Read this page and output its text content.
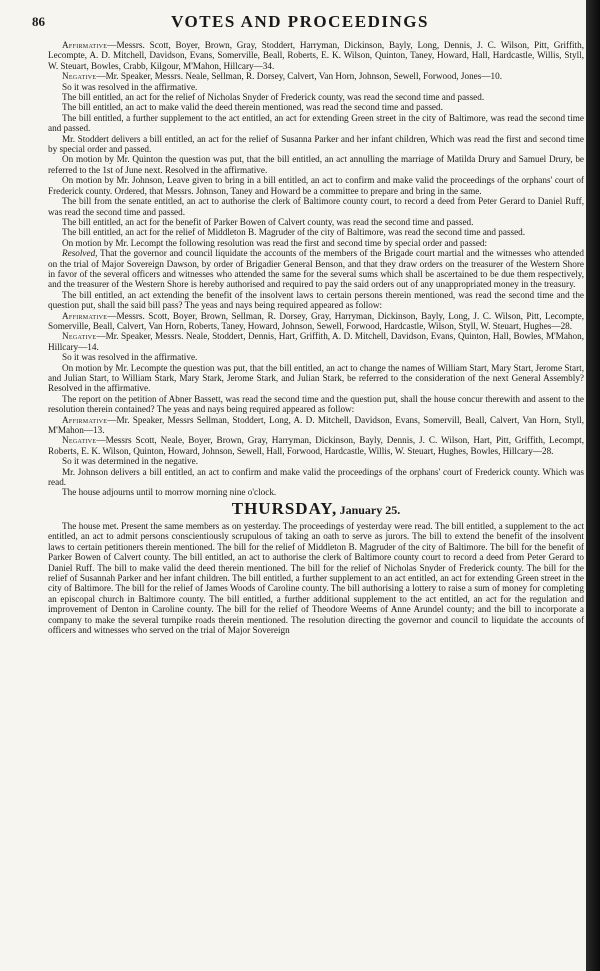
86	VOTES AND PROCEEDINGS

Affirmative—Messrs. Scott, Boyer, Brown, Gray, Stoddert, Harryman, Dickinson, Bayly, Long, Dennis, J. C. Wilson, Pitt, Griffith, Lecompte, A. D. Mitchell, Davidson, Evans, Somerville, Beall, Roberts, E. K. Wilson, Quinton, Taney, Howard, Hall, Hardcastle, Willis, Styll, W. Steuart, Bowles, Crabb, Kilgour, M'Mahon, Hillcary—34.

Negative—Mr. Speaker, Messrs. Neale, Sellman, R. Dorsey, Calvert, Van Horn, Johnson, Sewell, Forwood, Jones—10.

So it was resolved in the affirmative.

The bill entitled, an act for the relief of Nicholas Snyder of Frederick county, was read the second time and passed.

The bill entitled, an act to make valid the deed therein mentioned, was read the second time and passed.

The bill entitled, a further supplement to the act entitled, an act for extending Green street in the city of Baltimore, was read the second time and passed.

Mr. Stoddert delivers a bill entitled, an act for the relief of Susanna Parker and her infant children, Which was read the first and second time by special order and passed.

On motion by Mr. Quinton the question was put, that the bill entitled, an act annulling the marriage of Matilda Drury and Samuel Drury, be referred to the 1st of June next. Resolved in the affirmative.

On motion by Mr. Johnson, Leave given to bring in a bill entitled, an act to confirm and make valid the proceedings of the orphans' court of Frederick county. Ordered, that Messrs. Johnson, Taney and Howard be a committee to prepare and bring in the same.

The bill from the senate entitled, an act to authorise the clerk of Baltimore county court, to record a deed from Peter Gerard to Daniel Ruff, was read the second time and passed.

The bill entitled, an act for the benefit of Parker Bowen of Calvert county, was read the second time and passed.

The bill entitled, an act for the relief of Middleton B. Magruder of the city of Baltimore, was read the second time and passed.

On motion by Mr. Lecompt the following resolution was read the first and second time by special order and passed:

Resolved, That the governor and council liquidate the accounts of the members of the Brigade court martial and the witnesses who attended on the trial of Major Sovereign Dawson, by order of Brigadier General Benson, and that they draw orders on the treasurer of the Western Shore in favor of the several officers and witnesses who attended the same for the several sums which shall be ascertained to be due them respectively, and the treasurer of the Western Shore is hereby authorised and required to pay the said orders out of any unappropriated money in the treasury.

The bill entitled, an act extending the benefit of the insolvent laws to certain persons therein mentioned, was read the second time and the question put, shall the said bill pass? The yeas and nays being required appeared as follow:

Affirmative—Messrs. Scott, Boyer, Brown, Sellman, R. Dorsey, Gray, Harryman, Dickinson, Bayly, Long, J. C. Wilson, Pitt, Lecompte, Somerville, Beall, Calvert, Van Horn, Roberts, Taney, Howard, Johnson, Sewell, Forwood, Hardcastle, Wilson, Styll, W. Steuart, Hughes—28.

Negative—Mr. Speaker, Messrs. Neale, Stoddert, Dennis, Hart, Griffith, A. D. Mitchell, Davidson, Evans, Quinton, Hall, Bowles, M'Mahon, Hillcary—14.

So it was resolved in the affirmative.

On motion by Mr. Lecompte the question was put, that the bill entitled, an act to change the names of William Start, Mary Start, Jerome Start, and Julian Start, to William Stark, Mary Stark, Jerome Stark, and Julian Stark, be referred to the consideration of the next General Assembly? Resolved in the affirmative.

The report on the petition of Abner Bassett, was read the second time and the question put, shall the house concur therewith and assent to the resolution therein contained? The yeas and nays being required appeared as follow:

Affirmative—Mr. Speaker, Messrs Sellman, Stoddert, Long, A. D. Mitchell, Davidson, Evans, Somervill, Beall, Calvert, Van Horn, Styll, M'Mahon—13.

Negative—Messrs Scott, Neale, Boyer, Brown, Gray, Harryman, Dickinson, Bayly, Dennis, J. C. Wilson, Hart, Pitt, Griffith, Lecompt, Roberts, E. K. Wilson, Quinton, Howard, Johnson, Sewell, Hall, Forwood, Hardcastle, Willis, W. Steuart, Hughes, Bowles, Hillcary—28.

So it was determined in the negative.

Mr. Johnson delivers a bill entitled, an act to confirm and make valid the proceedings of the orphans' court of Frederick county. Which was read.

The house adjourns until to morrow morning nine o'clock.

THURSDAY, January 25.

The house met. Present the same members as on yesterday. The proceedings of yesterday were read. The bill entitled, a supplement to the act entitled, an act to admit persons conscientiously scrupulous of taking an oath to serve as jurors. The bill to extend the benefit of the insolvent laws to certain petitioners therein mentioned. The bill for the relief of Middleton B. Magruder of the city of Baltimore. The bill for the benefit of Parker Bowen of Calvert county. The bill entitled, an act to authorise the clerk of Baltimore county court to record a deed from Peter Gerard to Daniel Ruff. The bill to make valid the deed therein mentioned. The bill for the relief of Nicholas Snyder of Frederick county. The bill for the relief of Susannah Parker and her infant children. The bill entitled, a further supplement to an act entitled, an act for extending Green street in the city of Baltimore. The bill for the relief of James Woods of Caroline county. The bill authorising a lottery to raise a sum of money for completing an episcopal church in Baltimore county. The bill entitled, a further additional supplement to the act entitled, an act for the regulation and improvement of Denton in Caroline county. The bill for the relief of Theodore Weems of Anne Arundel county; and the bill to incorporate a company to make the several turnpike roads therein mentioned. The resolution directing the governor and council to liquidate the accounts of officers and witnesses who served on the trial of Major Sovereign
